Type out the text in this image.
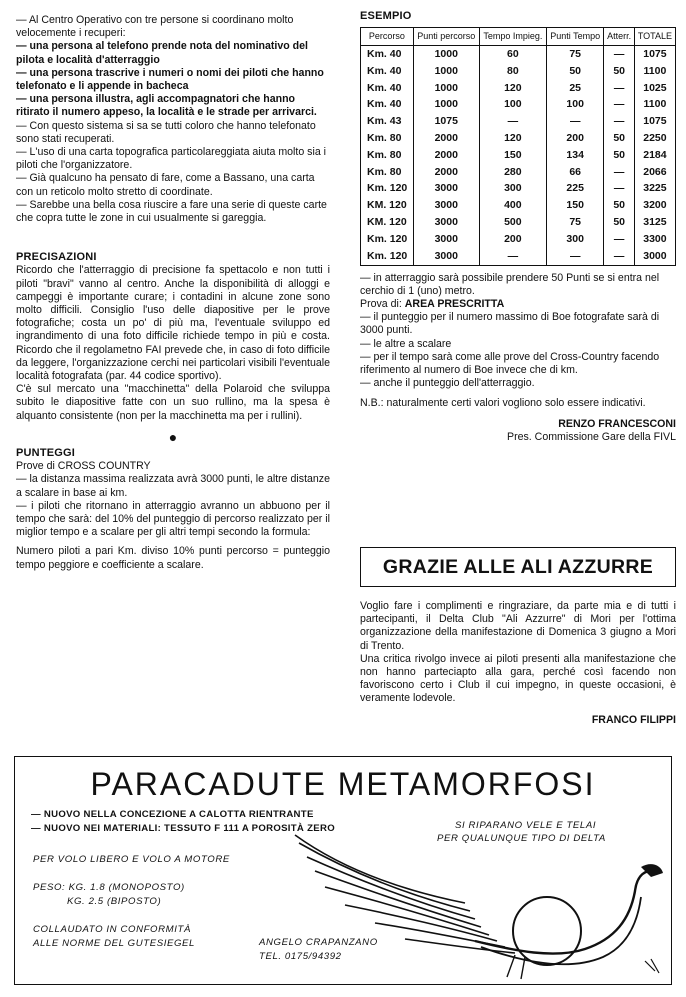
— Al Centro Operativo con tre persone si coordinano molto velocemente i recuperi:

— una persona al telefono prende nota del nominativo del pilota e località d'atterraggio

— una persona trascrive i numeri o nomi dei piloti che hanno telefonato e li appende in bacheca

— una persona illustra, agli accompagnatori che hanno ritirato il numero appeso, la località e le strade per arrivarci.

— Con questo sistema si sa se tutti coloro che hanno telefonato sono stati recuperati.

— L'uso di una carta topografica particolareggiata aiuta molto sia i piloti che l'organizzatore.

— Già qualcuno ha pensato di fare, come a Bassano, una carta con un reticolo molto stretto di coordinate.

— Sarebbe una bella cosa riuscire a fare una serie di queste carte che copra tutte le zone in cui usualmente si gareggia.

PRECISAZIONI

Ricordo che l'atterraggio di precisione fa spettacolo e non tutti i piloti "bravi" vanno al centro. Anche la disponibilità di alloggi e campeggi è importante curare; i contadini in alcune zone sono molto difficili. Consiglio l'uso delle diapositive per le prove fotografiche; costa un po' di più ma, l'eventuale sviluppo ed ingrandimento di una foto difficile richiede tempo in più e costa. Ricordo che il regolametno FAI prevede che, in caso di foto difficile da leggere, l'organizzazione cerchi nei particolari visibili l'eventuale località fotografata (par. 44 codice sportivo).

C'è sul mercato una "macchinetta" della Polaroid che sviluppa subito le diapositive fatte con un suo rullino, ma la spesa è alquanto consistente (non per la macchinetta ma per i rullini).

●

PUNTEGGI

Prove di CROSS COUNTRY

— la distanza massima realizzata avrà 3000 punti, le altre distanze a scalare in base ai km.

— i piloti che ritornano in atterraggio avranno un abbuono per il tempo che sarà: del 10% del punteggio di percorso realizzato per il miglior tempo e a scalare per gli altri tempi secondo la formula:

Numero piloti a pari Km. diviso 10% punti percorso = punteggio tempo peggiore e coefficiente a scalare.

ESEMPIO

Percorso	Punti percorso	Tempo Impieg.	Punti Tempo	Atterr.	TOTALE
Km. 40	1000	60	75	—	1075
Km. 40	1000	80	50	50	1100
Km. 40	1000	120	25	—	1025
Km. 40	1000	100	100	—	1100
Km. 43	1075	—	—	—	1075
Km. 80	2000	120	200	50	2250
Km. 80	2000	150	134	50	2184
Km. 80	2000	280	66	—	2066
Km. 120	3000	300	225	—	3225
KM. 120	3000	400	150	50	3200
KM. 120	3000	500	75	50	3125
Km. 120	3000	200	300	—	3300
Km. 120	3000	—	—	—	3000

— in atterraggio sarà possibile prendere 50 Punti se si entra nel cerchio di 1 (uno) metro.

Prova di: AREA PRESCRITTA

— il punteggio per il numero massimo di Boe fotografate sarà di 3000 punti.

— le altre a scalare

— per il tempo sarà come alle prove del Cross-Country facendo riferimento al numero di Boe invece che di km.

— anche il punteggio dell'atterraggio.

N.B.: naturalmente certi valori vogliono solo essere indicativi.

RENZO FRANCESCONI

Pres. Commissione Gare della FIVL

GRAZIE ALLE ALI AZZURRE

Voglio fare i complimenti e ringraziare, da parte mia e di tutti i partecipanti, il Delta Club "Ali Azzurre" di Mori per l'ottima organizzazione della manifestazione di Domenica 3 giugno a Mori di Trento.

Una critica rivolgo invece ai piloti presenti alla manifestazione che non hanno parteciapto alla gara, perché così facendo non favoriscono certo i Club il cui impegno, in queste occasioni, è veramente lodevole.

FRANCO FILIPPI

PARACADUTE METAMORFOSI
— NUOVO NELLA CONCEZIONE A CALOTTA RIENTRANTE
— NUOVO NEI MATERIALI: TESSUTO F 111 A POROSITÀ ZERO	SI RIPARANO VELE E TELAI
PER QUALUNQUE TIPO DI DELTA
PER VOLO LIBERO E VOLO A MOTORE
PESO: KG. 1.8 (MONOPOSTO)
KG. 2.5 (BIPOSTO)
COLLAUDATO IN CONFORMITÀ
ALLE NORME DEL GUTESIEGEL	ANGELO CRAPANZANO
TEL. 0175/94392
